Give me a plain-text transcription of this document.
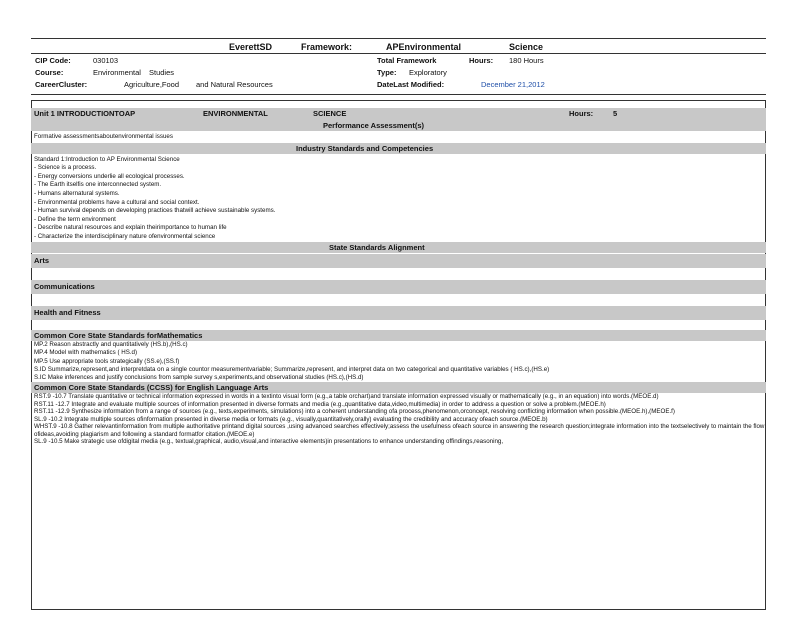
EverettSD	Framework:	APEnvironmental	Science
CIP Code:	030103
Course:	Environmental Studies
CareerCluster:	Agriculture,Food and Natural Resources
Total Framework	Hours: 180 Hours
Type: Exploratory
DateLast Modified:	December 21,2012
Unit 1 INTRODUCTIONTOAP	ENVIRONMENTAL	SCIENCE	Hours:	5
Performance Assessment(s)
Formative assessmentsaboutenvironmental issues
Industry Standards and Competencies
Standard 1:Introduction to AP Environmental Science
- Science is a process.
- Energy conversions underlie all ecological processes.
- The Earth itselfis one interconnected system.
- Humans alternatural systems.
- Environmental problems have a cultural and social context.
- Human survival depends on developing practices thatwill achieve sustainable systems.
- Define the term environment
- Describe natural resources and explain theirimportance to human life
- Characterize the interdisciplinary nature ofenvironmental science
State Standards Alignment
Arts
Communications
Health and Fitness
Common Core State Standards forMathematics
MP.2 Reason abstractly and quantitatively (HS.b),(HS.c)
MP.4 Model with mathematics ( HS.d)
MP.5 Use appropriate tools strategically (SS.e),(SS.f)
S.ID Summarize,represent,and interpretdata on a single countor measurementvariable; Summarize,represent, and interpret data on two categorical and quantitative variables ( HS.c),(HS.e)
S.IC Make inferences and justify conclusions from sample survey s,experiments,and observational studies (HS.c),(HS.d)
Common Core State Standards (CCSS) for English Language Arts
RST.9 -10.7 Translate quantitative or technical information expressed in words in a textinto visual form (e.g.,a table orchart)and translate information expressed visually or mathematically (e.g., in an equation) into words.(MEOE.d)
RST.11 -12.7 Integrate and evaluate multiple sources of information presented in diverse formats and media (e.g.,quantitative data,video,multimedia) in order to address a question or solve a problem.(MEOE.h)
RST.11 -12.9 Synthesize information from a range of sources (e.g., texts,experiments, simulations) into a coherent understanding ofa process,phenomenon,orconcept, resolving conflicting information when possible.(MEOE.h),(MEOE.f)
SL.9 -10.2 Integrate multiple sources ofinformation presented in diverse media or formats (e.g., visually,quantitatively,orally) evaluating the credibility and accuracy ofeach source.(MEOE.b)
WHST.9 -10.8 Gather relevantinformation from multiple authoritative printand digital sources ,using advanced searches effectively;assess the usefulness ofeach source in answering the research question;integrate information into the textselectively to maintain the flow ofideas,avoiding plagiarism and following a standard formatfor citation.(MEOE.e)
SL.9 -10.5 Make strategic use ofdigital media (e.g., textual,graphical, audio,visual,and interactive elements)in presentations to enhance understanding offindings,reasoning,
